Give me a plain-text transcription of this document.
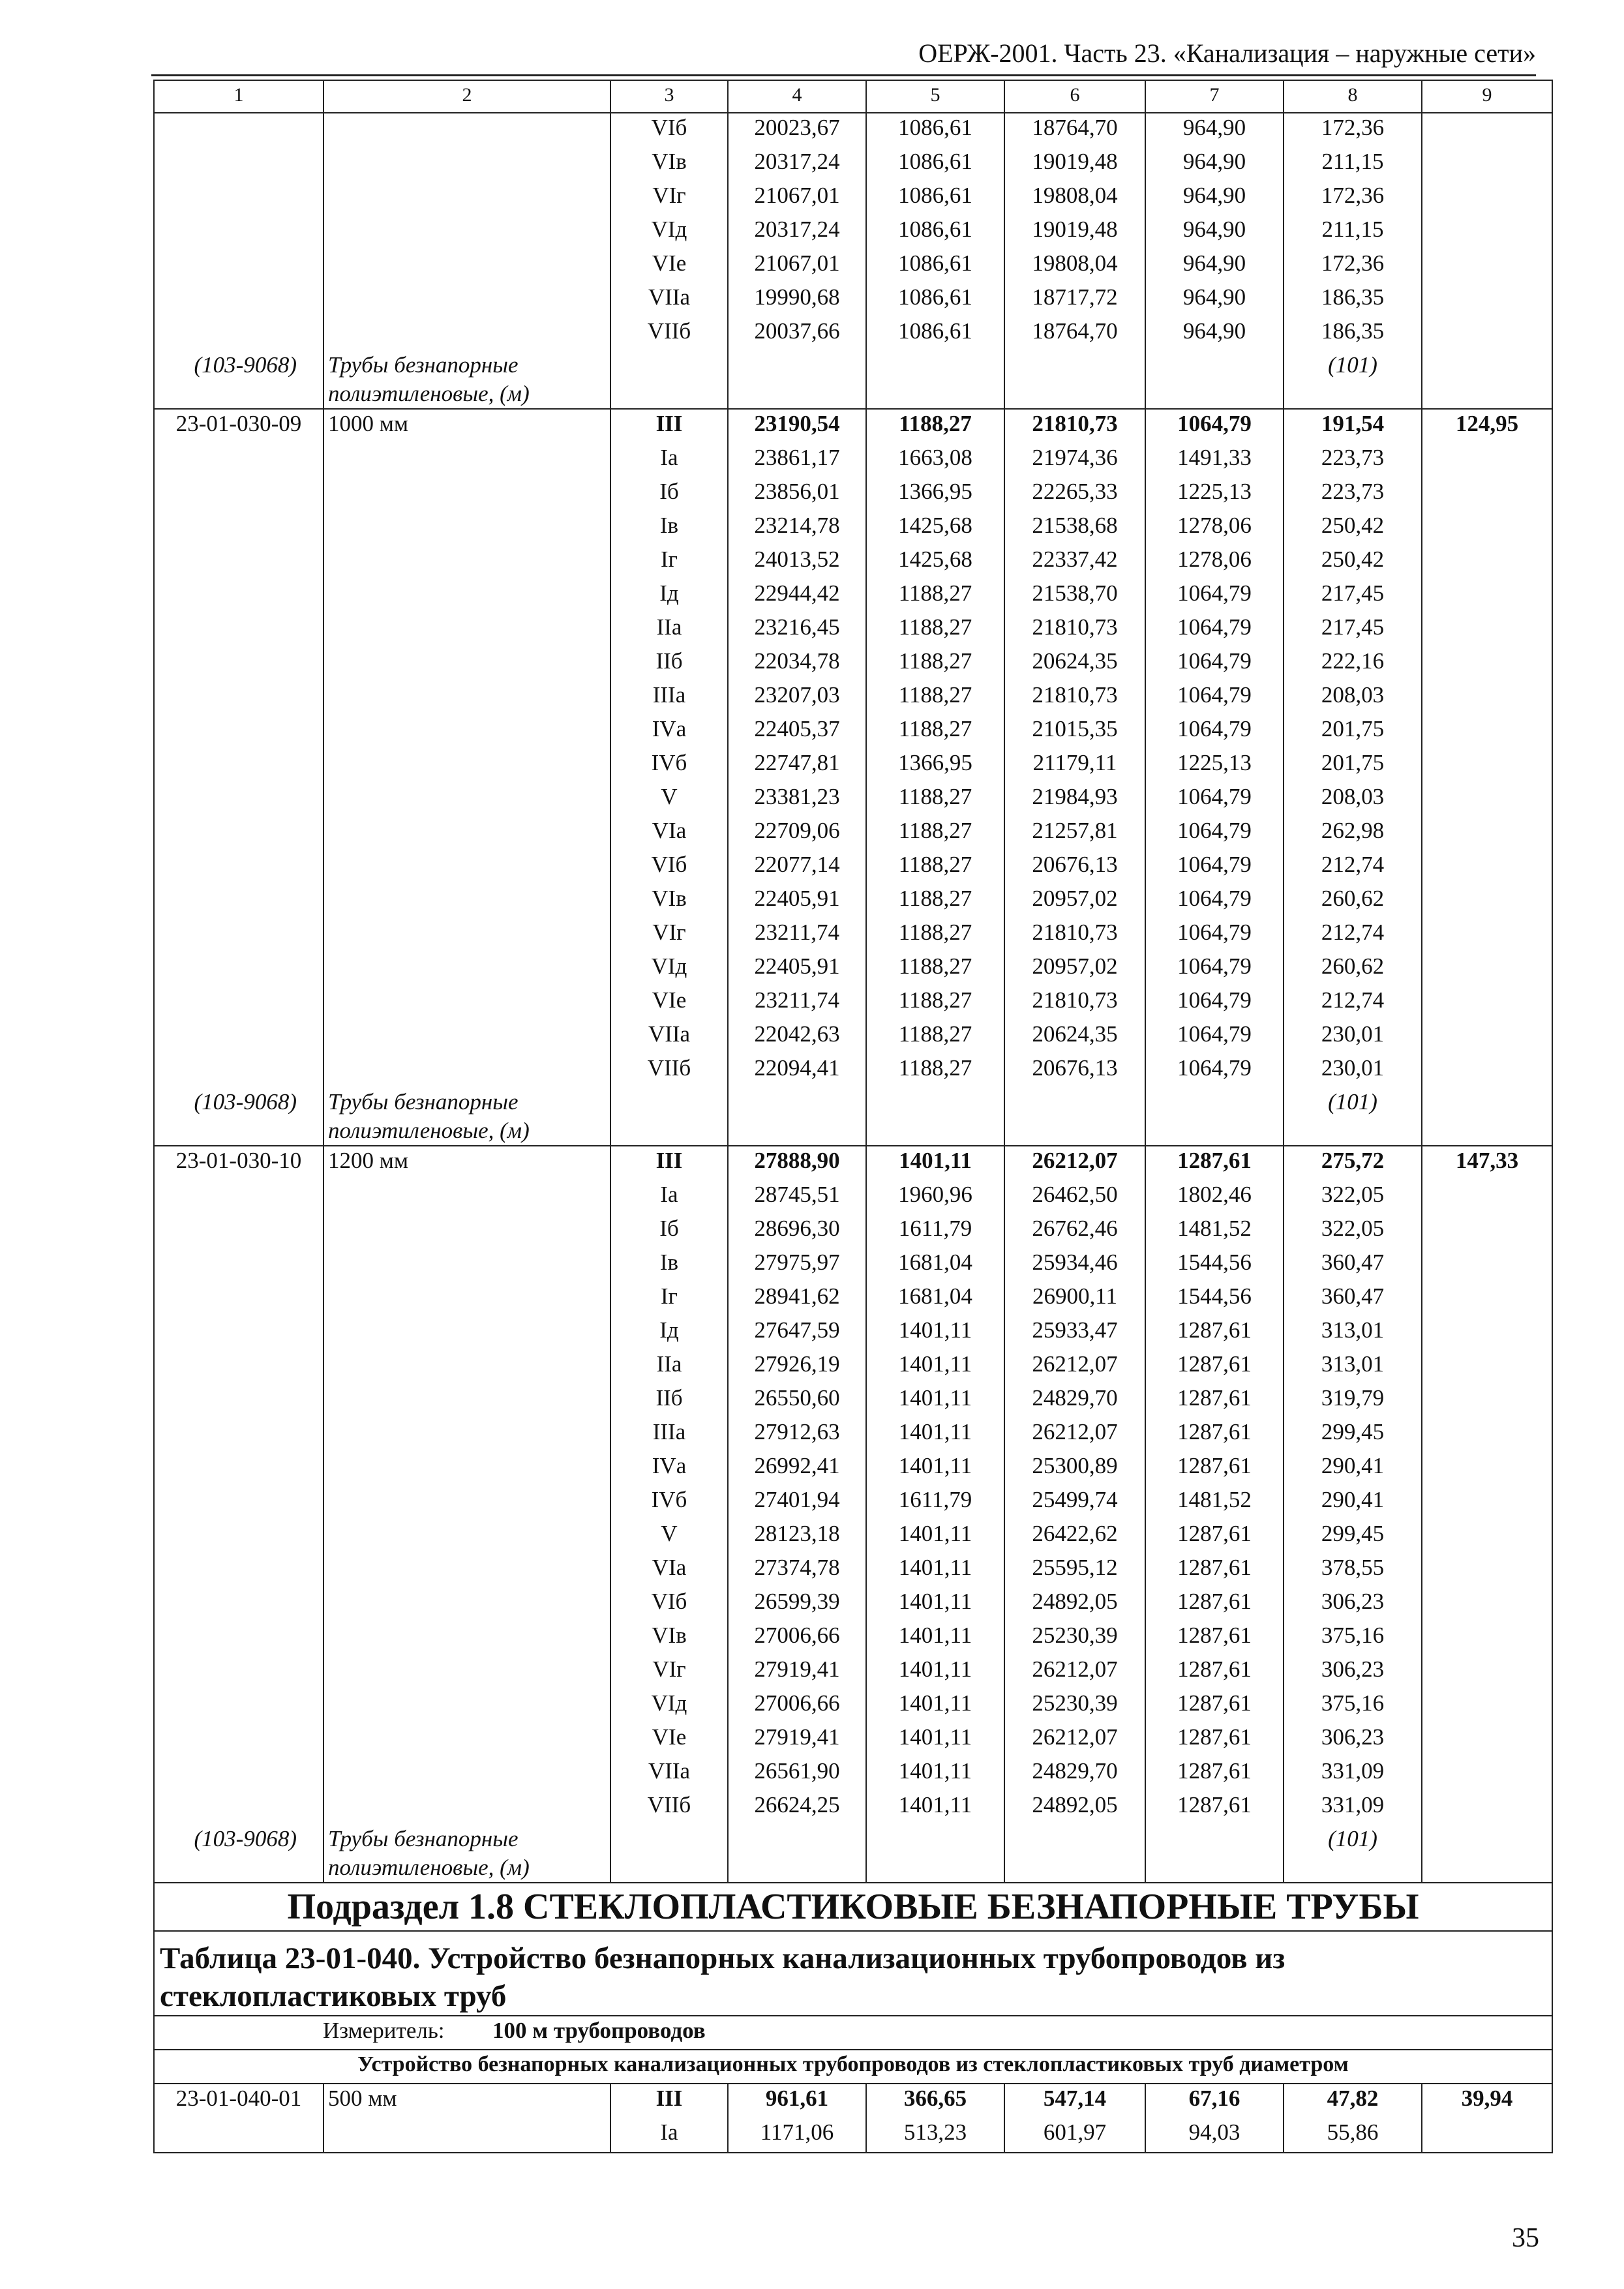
ОЕРЖ-2001. Часть 23. «Канализация – наружные сети»
1	2	3	4	5	6	7	8	9
		VIб	20023,67	1086,61	18764,70	964,90	172,36	
		VIв	20317,24	1086,61	19019,48	964,90	211,15	
		VIг	21067,01	1086,61	19808,04	964,90	172,36	
		VIд	20317,24	1086,61	19019,48	964,90	211,15	
		VIе	21067,01	1086,61	19808,04	964,90	172,36	
		VIIа	19990,68	1086,61	18717,72	964,90	186,35	
		VIIб	20037,66	1086,61	18764,70	964,90	186,35	
(103-9068)	Трубы безнапорные полиэтиленовые, (м)						(101)	
23-01-030-09	1000 мм	III	23190,54	1188,27	21810,73	1064,79	191,54	124,95
		Iа	23861,17	1663,08	21974,36	1491,33	223,73	
		Iб	23856,01	1366,95	22265,33	1225,13	223,73	
		Iв	23214,78	1425,68	21538,68	1278,06	250,42	
		Iг	24013,52	1425,68	22337,42	1278,06	250,42	
		Iд	22944,42	1188,27	21538,70	1064,79	217,45	
		IIа	23216,45	1188,27	21810,73	1064,79	217,45	
		IIб	22034,78	1188,27	20624,35	1064,79	222,16	
		IIIа	23207,03	1188,27	21810,73	1064,79	208,03	
		IVа	22405,37	1188,27	21015,35	1064,79	201,75	
		IVб	22747,81	1366,95	21179,11	1225,13	201,75	
		V	23381,23	1188,27	21984,93	1064,79	208,03	
		VIа	22709,06	1188,27	21257,81	1064,79	262,98	
		VIб	22077,14	1188,27	20676,13	1064,79	212,74	
		VIв	22405,91	1188,27	20957,02	1064,79	260,62	
		VIг	23211,74	1188,27	21810,73	1064,79	212,74	
		VIд	22405,91	1188,27	20957,02	1064,79	260,62	
		VIе	23211,74	1188,27	21810,73	1064,79	212,74	
		VIIа	22042,63	1188,27	20624,35	1064,79	230,01	
		VIIб	22094,41	1188,27	20676,13	1064,79	230,01	
(103-9068)	Трубы безнапорные полиэтиленовые, (м)						(101)	
23-01-030-10	1200 мм	III	27888,90	1401,11	26212,07	1287,61	275,72	147,33
		Iа	28745,51	1960,96	26462,50	1802,46	322,05	
		Iб	28696,30	1611,79	26762,46	1481,52	322,05	
		Iв	27975,97	1681,04	25934,46	1544,56	360,47	
		Iг	28941,62	1681,04	26900,11	1544,56	360,47	
		Iд	27647,59	1401,11	25933,47	1287,61	313,01	
		IIа	27926,19	1401,11	26212,07	1287,61	313,01	
		IIб	26550,60	1401,11	24829,70	1287,61	319,79	
		IIIа	27912,63	1401,11	26212,07	1287,61	299,45	
		IVа	26992,41	1401,11	25300,89	1287,61	290,41	
		IVб	27401,94	1611,79	25499,74	1481,52	290,41	
		V	28123,18	1401,11	26422,62	1287,61	299,45	
		VIа	27374,78	1401,11	25595,12	1287,61	378,55	
		VIб	26599,39	1401,11	24892,05	1287,61	306,23	
		VIв	27006,66	1401,11	25230,39	1287,61	375,16	
		VIг	27919,41	1401,11	26212,07	1287,61	306,23	
		VIд	27006,66	1401,11	25230,39	1287,61	375,16	
		VIе	27919,41	1401,11	26212,07	1287,61	306,23	
		VIIа	26561,90	1401,11	24829,70	1287,61	331,09	
		VIIб	26624,25	1401,11	24892,05	1287,61	331,09	
(103-9068)	Трубы безнапорные полиэтиленовые, (м)						(101)	
Подраздел 1.8 СТЕКЛОПЛАСТИКОВЫЕ БЕЗНАПОРНЫЕ ТРУБЫ								
Таблица 23-01-040. Устройство безнапорных канализационных трубопроводов из стеклопластиковых труб								
Измеритель: 100 м трубопроводов								
Устройство безнапорных канализационных трубопроводов из стеклопластиковых труб диаметром								
23-01-040-01	500 мм	III	961,61	366,65	547,14	67,16	47,82	39,94
		Iа	1171,06	513,23	601,97	94,03	55,86	
35
